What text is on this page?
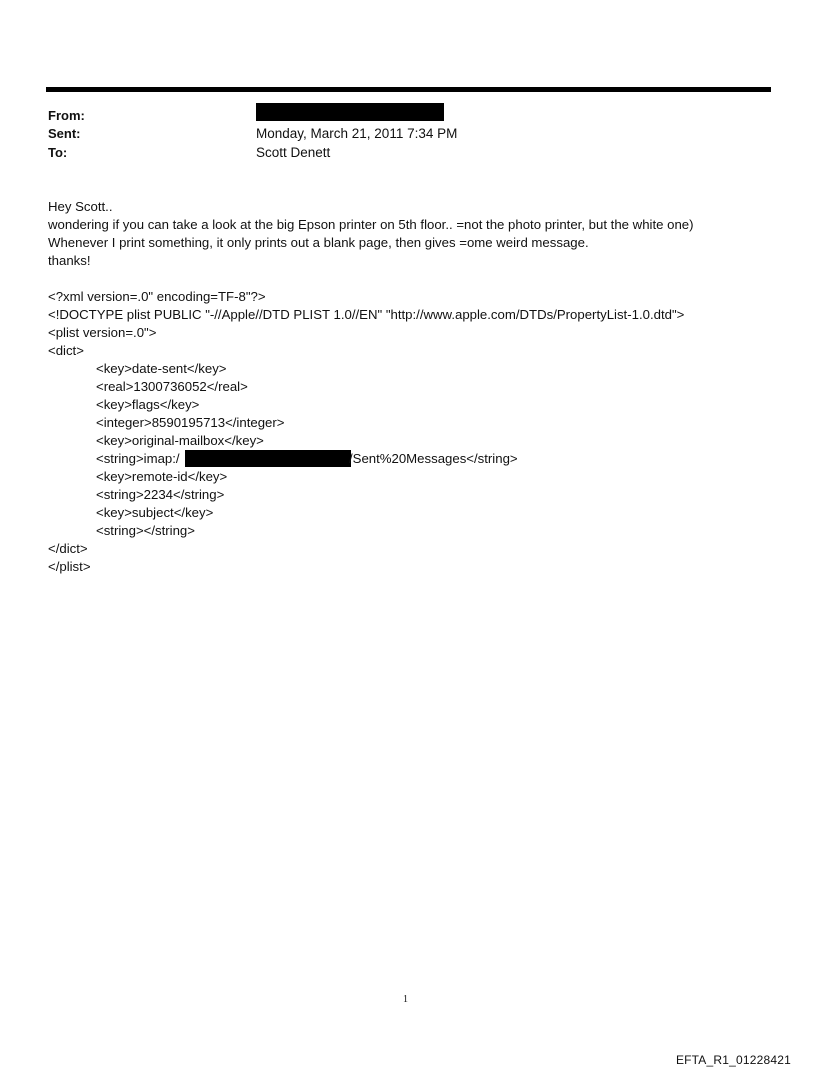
From:
Sent:	Monday, March 21, 2011 7:34 PM
To:	Scott Denett
Hey Scott..
wondering if you can take a look at the big Epson printer on 5th floor.. =not the photo printer, but the white one)
Whenever I print something, it only prints out a blank page, then gives =ome weird message.
thanks!
<?xml version=.0" encoding=TF-8"?>
<!DOCTYPE plist PUBLIC "-//Apple//DTD PLIST 1.0//EN" "http://www.apple.com/DTDs/PropertyList-1.0.dtd">
<plist version=.0">
<dict>
<key>date-sent</key>
<real>1300736052</real>
<key>flags</key>
<integer>8590195713</integer>
<key>original-mailbox</key>
<string>imap:/	/Sent%20Messages</string>
<key>remote-id</key>
<string>2234</string>
<key>subject</key>
<string></string>
</dict>
</plist>
1
EFTA_R1_01228421
